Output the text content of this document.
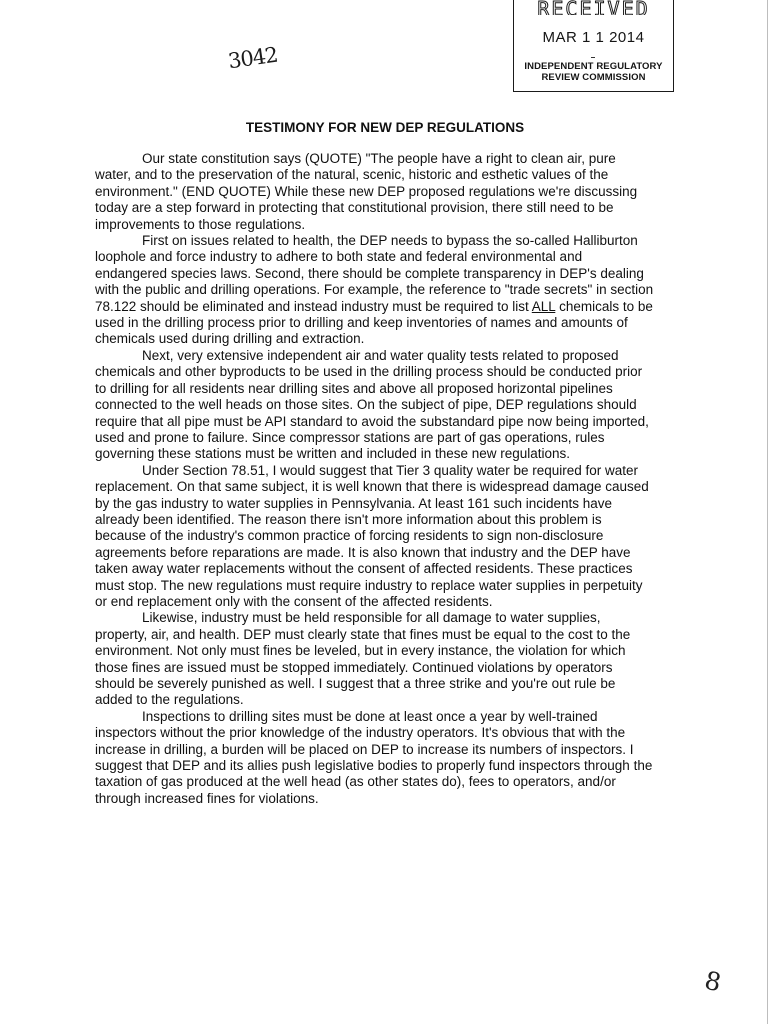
RECEIVED
MAR 1 1 2014
INDEPENDENT REGULATORY
REVIEW COMMISSION
3042
TESTIMONY FOR NEW DEP REGULATIONS

Our state constitution says (QUOTE) "The people have a right to clean air, pure water, and to the preservation of the natural, scenic, historic and esthetic values of the environment." (END QUOTE) While these new DEP proposed regulations we're discussing today are a step forward in protecting that constitutional provision, there still need to be improvements to those regulations.

First on issues related to health, the DEP needs to bypass the so-called Halliburton loophole and force industry to adhere to both state and federal environmental and endangered species laws. Second, there should be complete transparency in DEP's dealing with the public and drilling operations. For example, the reference to "trade secrets" in section 78.122 should be eliminated and instead industry must be required to list ALL chemicals to be used in the drilling process prior to drilling and keep inventories of names and amounts of chemicals used during drilling and extraction.

Next, very extensive independent air and water quality tests related to proposed chemicals and other byproducts to be used in the drilling process should be conducted prior to drilling for all residents near drilling sites and above all proposed horizontal pipelines connected to the well heads on those sites. On the subject of pipe, DEP regulations should require that all pipe must be API standard to avoid the substandard pipe now being imported, used and prone to failure. Since compressor stations are part of gas operations, rules governing these stations must be written and included in these new regulations.

Under Section 78.51, I would suggest that Tier 3 quality water be required for water replacement. On that same subject, it is well known that there is widespread damage caused by the gas industry to water supplies in Pennsylvania. At least 161 such incidents have already been identified. The reason there isn't more information about this problem is because of the industry's common practice of forcing residents to sign non-disclosure agreements before reparations are made. It is also known that industry and the DEP have taken away water replacements without the consent of affected residents. These practices must stop. The new regulations must require industry to replace water supplies in perpetuity or end replacement only with the consent of the affected residents.

Likewise, industry must be held responsible for all damage to water supplies, property, air, and health. DEP must clearly state that fines must be equal to the cost to the environment. Not only must fines be leveled, but in every instance, the violation for which those fines are issued must be stopped immediately. Continued violations by operators should be severely punished as well. I suggest that a three strike and you're out rule be added to the regulations.

Inspections to drilling sites must be done at least once a year by well-trained inspectors without the prior knowledge of the industry operators. It's obvious that with the increase in drilling, a burden will be placed on DEP to increase its numbers of inspectors. I suggest that DEP and its allies push legislative bodies to properly fund inspectors through the taxation of gas produced at the well head (as other states do), fees to operators, and/or through increased fines for violations.

8
